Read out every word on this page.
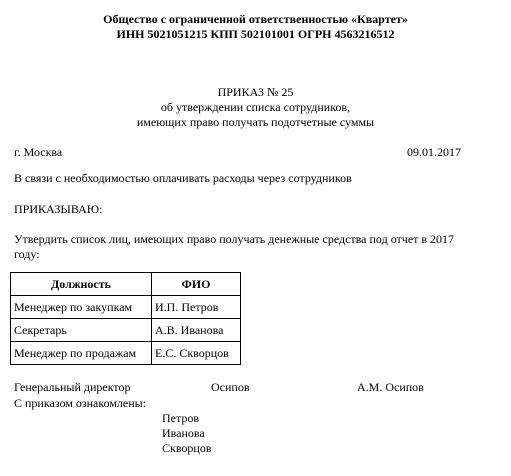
Общество с ограниченной ответственностью «Квартет»
ИНН 5021051215 КПП 502101001 ОГРН 4563216512
ПРИКАЗ № 25
об утверждении списка сотрудников,
имеющих право получать подотчетные суммы
г. Москва	09.01.2017
В связи с необходимостью оплачивать расходы через сотрудников
ПРИКАЗЫВАЮ:
Утвердить список лиц, имеющих право получать денежные средства под отчет в 2017
году:
Должность	ФИО
Менеджер по закупкам	И.П. Петров
Секретарь	А.В. Иванова
Менеджер по продажам	Е.С. Скворцов
Генеральный директор	Осипов	А.М. Осипов
С приказом ознакомлены:
Петров
Иванова
Скворцов
